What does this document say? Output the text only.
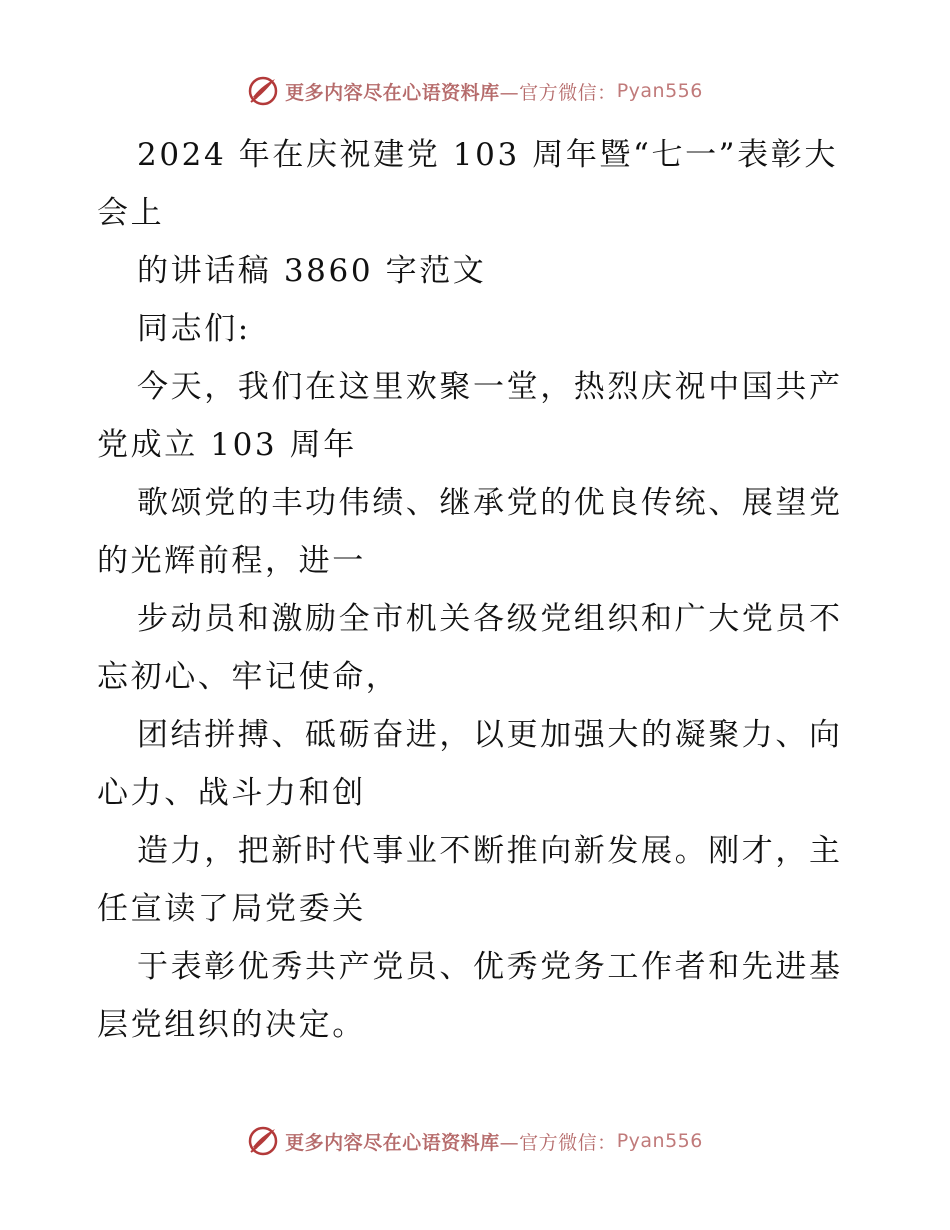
更多内容尽在心语资料库 —官方微信： Pyan556

2024 年在庆祝建党 103 周年暨“七一”表彰大会上

的讲话稿 3860 字范文

同志们:

今天，我们在这里欢聚一堂，热烈庆祝中国共产党成立 103 周年

歌颂党的丰功伟绩、继承党的优良传统、展望党的光辉前程，进一

步动员和激励全市机关各级党组织和广大党员不忘初心、牢记使命，

团结拼搏、砥砺奋进，以更加强大的凝聚力、向心力、战斗力和创

造力，把新时代事业不断推向新发展。刚才，主任宣读了局党委关

于表彰优秀共产党员、优秀党务工作者和先进基层党组织的决定。

更多内容尽在心语资料库 —官方微信： Pyan556
